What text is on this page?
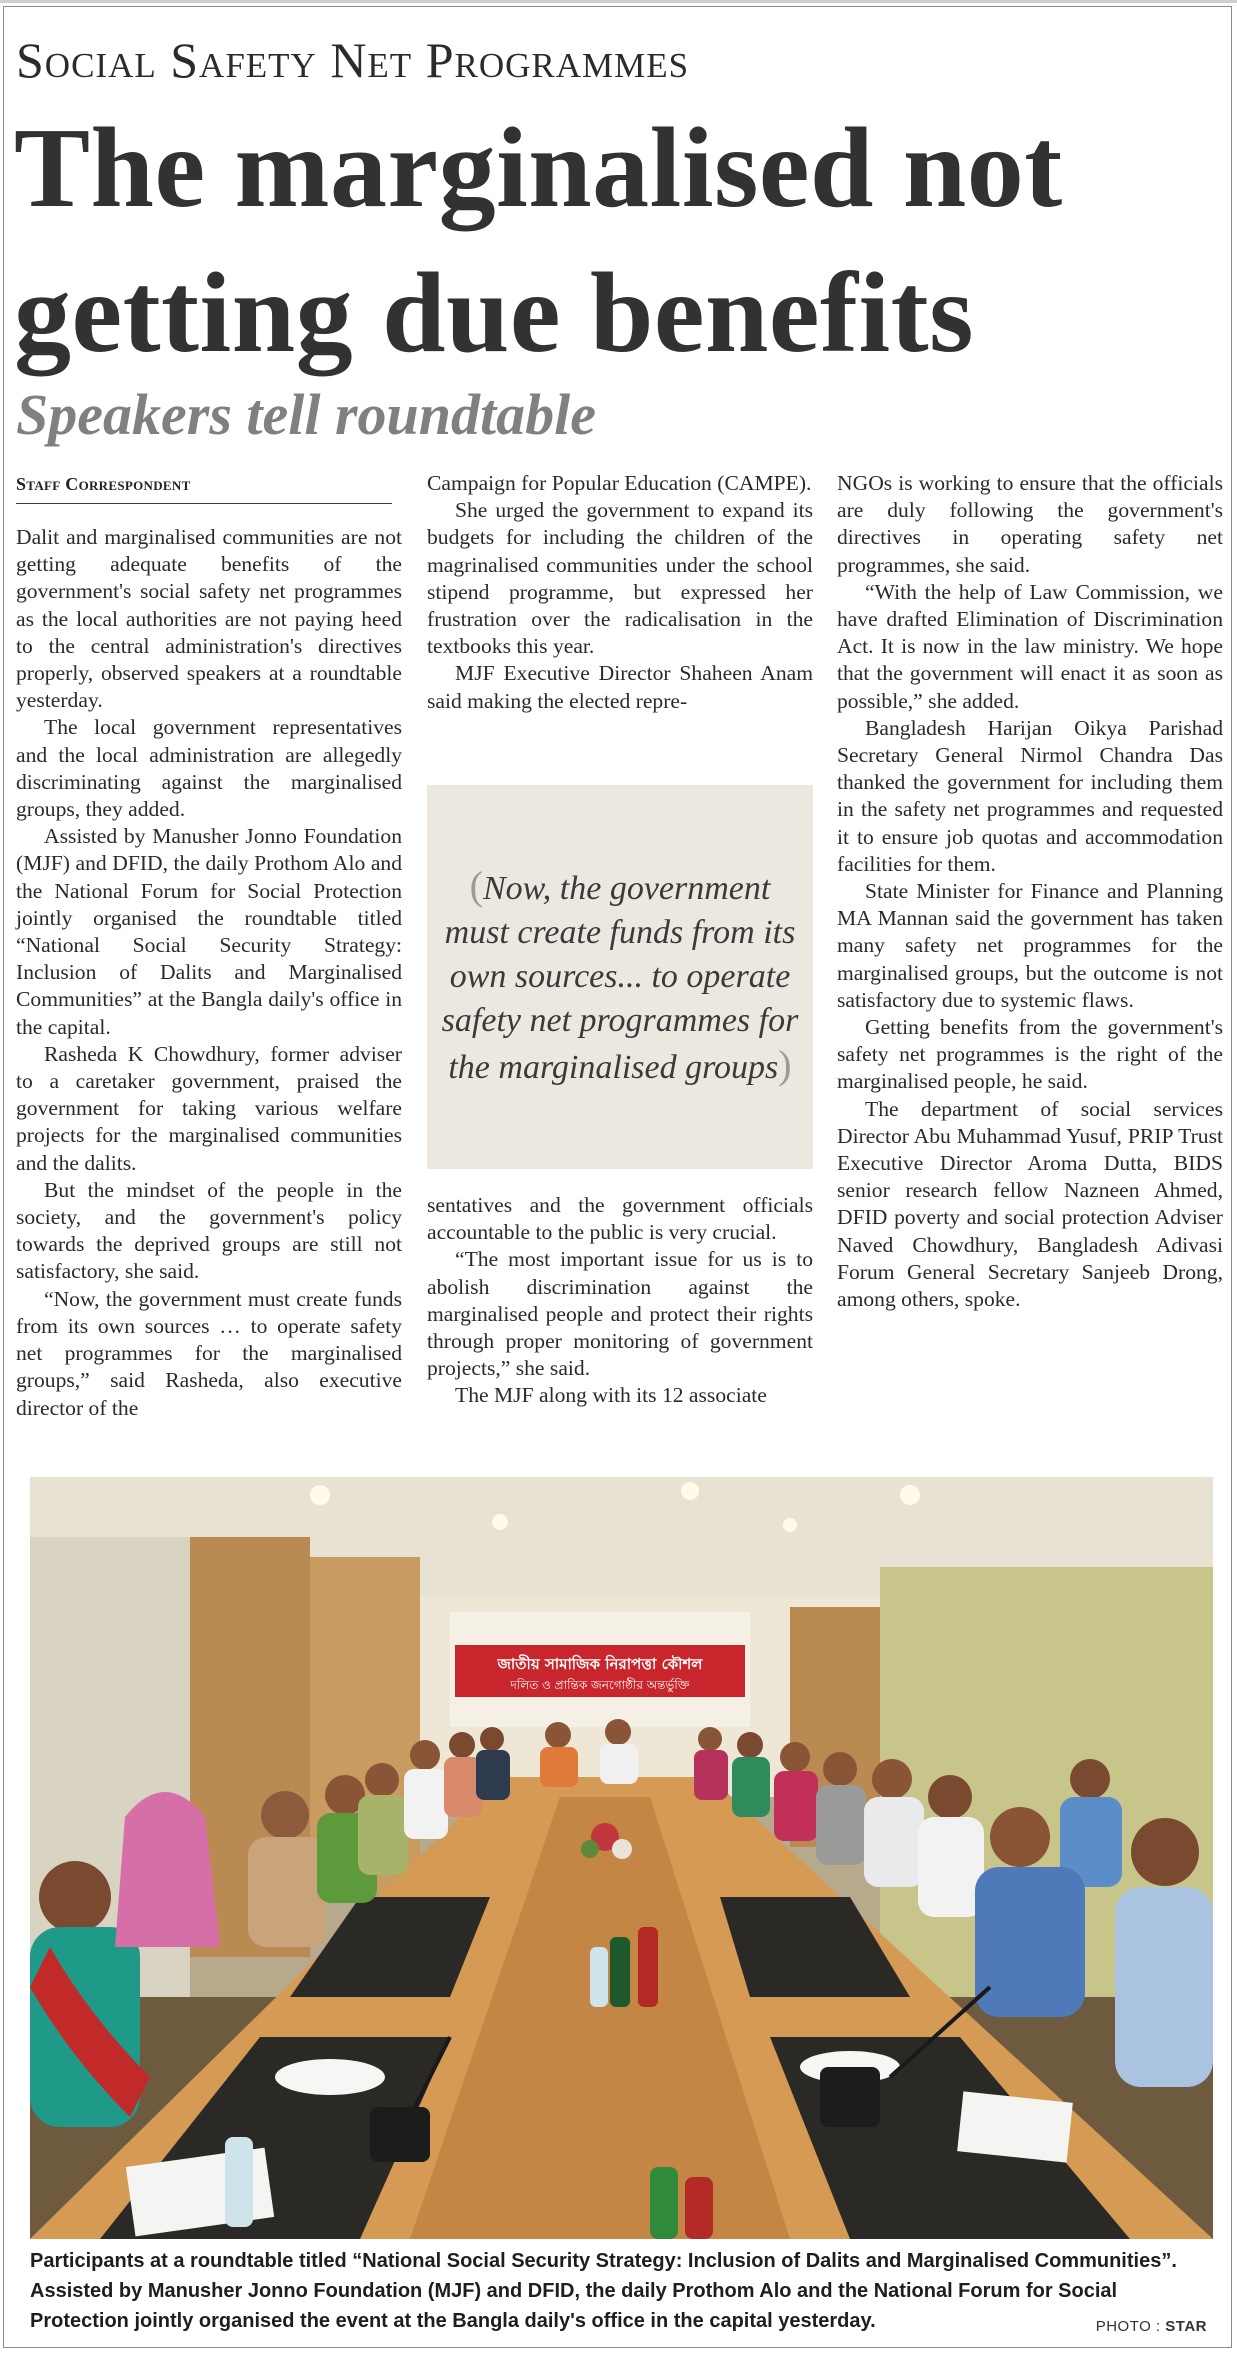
Social Safety Net Programmes
The marginalised not getting due benefits
Speakers tell roundtable
Staff Correspondent

Dalit and marginalised communities are not getting adequate benefits of the government's social safety net programmes as the local authorities are not paying heed to the central administration's directives properly, observed speakers at a roundtable yesterday.

The local government representatives and the local administration are allegedly discriminating against the marginalised groups, they added.

Assisted by Manusher Jonno Foundation (MJF) and DFID, the daily Prothom Alo and the National Forum for Social Protection jointly organised the roundtable titled “National Social Security Strategy: Inclusion of Dalits and Marginalised Communities” at the Bangla daily's office in the capital.

Rasheda K Chowdhury, former adviser to a caretaker government, praised the government for taking various welfare projects for the marginalised communities and the dalits.

But the mindset of the people in the society, and the government's policy towards the deprived groups are still not satisfactory, she said.

“Now, the government must create funds from its own sources … to operate safety net programmes for the marginalised groups,” said Rasheda, also executive director of the

Campaign for Popular Education (CAMPE).

She urged the government to expand its budgets for including the children of the magrinalised communities under the school stipend programme, but expressed her frustration over the radicalisation in the textbooks this year.

MJF Executive Director Shaheen Anam said making the elected repre-

(Now, the government must create funds from its own sources... to operate safety net programmes for the marginalised groups)

sentatives and the government officials accountable to the public is very crucial.

“The most important issue for us is to abolish discrimination against the marginalised people and protect their rights through proper monitoring of government projects,” she said.

The MJF along with its 12 associate

NGOs is working to ensure that the officials are duly following the government's directives in operating safety net programmes, she said.

“With the help of Law Commission, we have drafted Elimination of Discrimination Act. It is now in the law ministry. We hope that the government will enact it as soon as possible,” she added.

Bangladesh Harijan Oikya Parishad Secretary General Nirmol Chandra Das thanked the government for including them in the safety net programmes and requested it to ensure job quotas and accommodation facilities for them.

State Minister for Finance and Planning MA Mannan said the government has taken many safety net programmes for the marginalised groups, but the outcome is not satisfactory due to systemic flaws.

Getting benefits from the government's safety net programmes is the right of the marginalised people, he said.

The department of social services Director Abu Muhammad Yusuf, PRIP Trust Executive Director Aroma Dutta, BIDS senior research fellow Nazneen Ahmed, DFID poverty and social protection Adviser Naved Chowdhury, Bangladesh Adivasi Forum General Secretary Sanjeeb Drong, among others, spoke.

জাতীয় সামাজিক নিরাপত্তা কৌশল
দলিত ও প্রান্তিক জনগোষ্ঠীর অন্তর্ভুক্তি
Participants at a roundtable titled “National Social Security Strategy: Inclusion of Dalits and Marginalised Communities”. Assisted by Manusher Jonno Foundation (MJF) and DFID, the daily Prothom Alo and the National Forum for Social Protection jointly organised the event at the Bangla daily's office in the capital yesterday.	PHOTO : STAR
